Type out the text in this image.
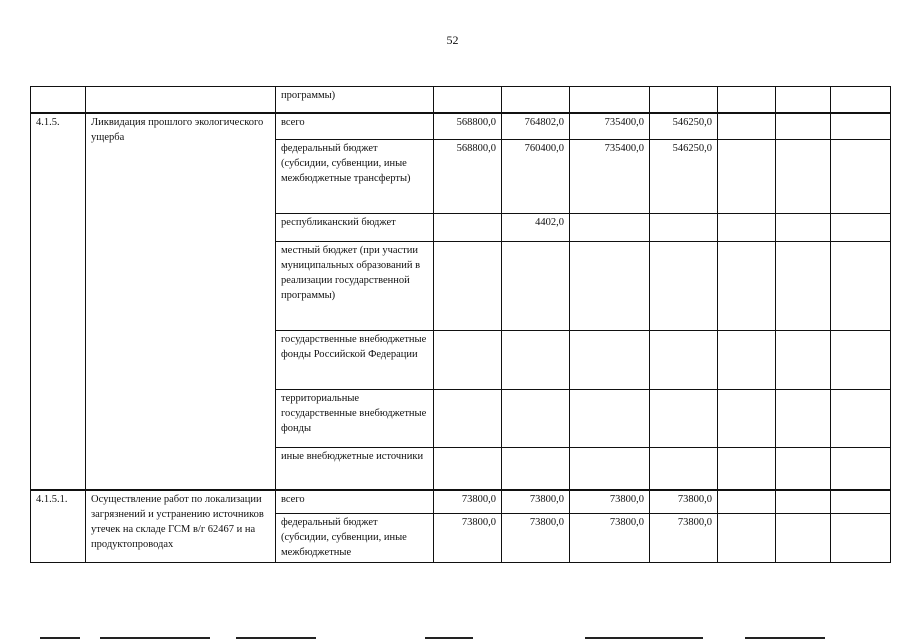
52
		программы)							
4.1.5.	Ликвидация прошлого экологического ущерба	всего	568800,0	764802,0	735400,0	546250,0			
		федеральный бюджет (субсидии, субвенции, иные межбюджетные трансферты)	568800,0	760400,0	735400,0	546250,0			
		республиканский бюджет		4402,0					
		местный бюджет (при участии муниципальных образований в реализации государственной программы)							
		государственные внебюджетные фонды Российской Федерации							
		территориальные государственные внебюджетные фонды							
		иные внебюджетные источники							
4.1.5.1.	Осуществление работ по локализации загрязнений и устранению источников утечек на складе ГСМ в/г 62467 и на продуктопроводах	всего	73800,0	73800,0	73800,0	73800,0			
		федеральный бюджет (субсидии, субвенции, иные межбюджетные	73800,0	73800,0	73800,0	73800,0			
